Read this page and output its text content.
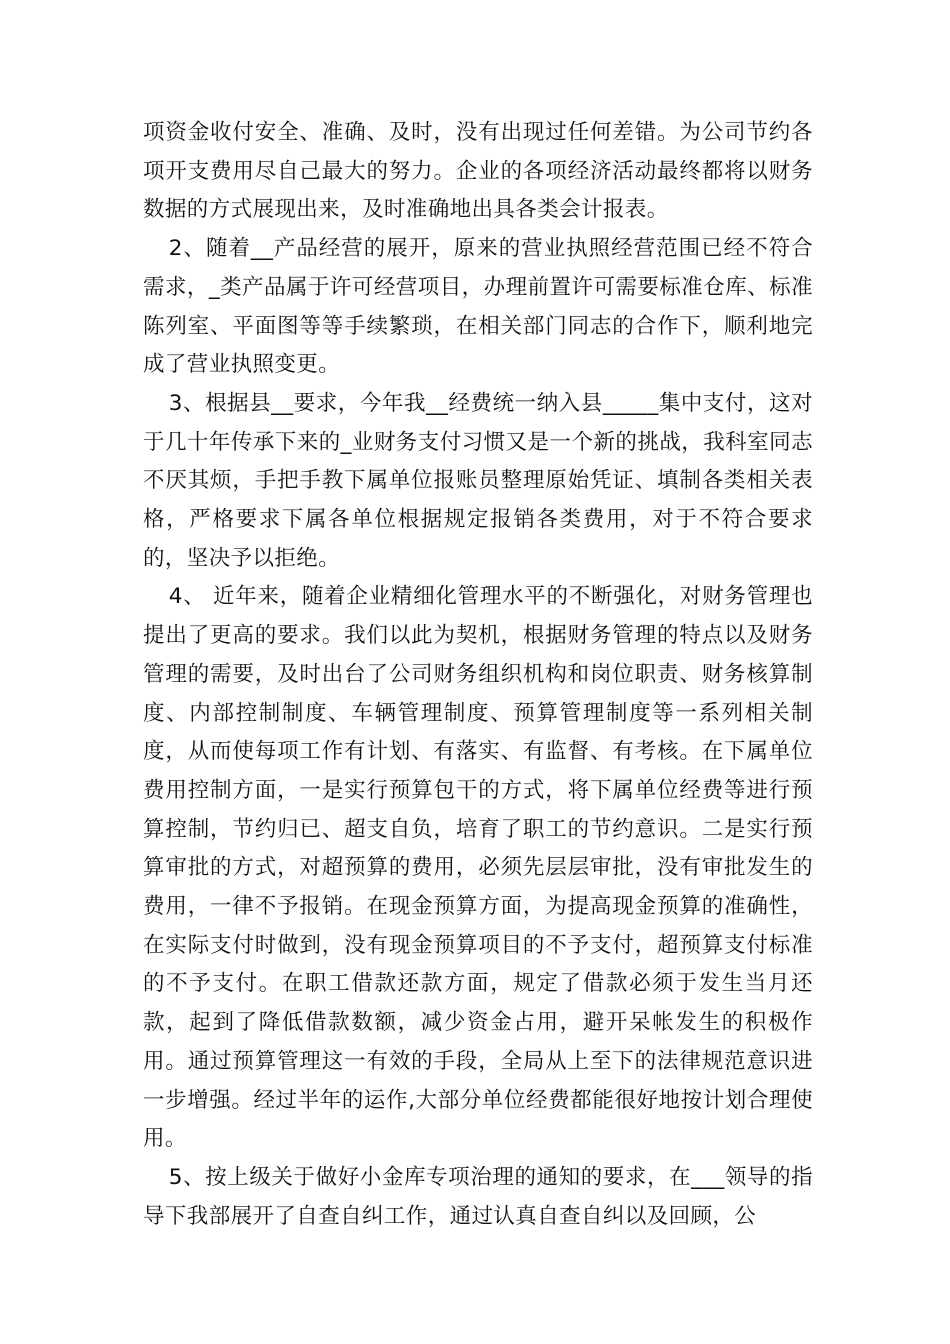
项资金收付安全、准确、及时，没有出现过任何差错。为公司节约各项开支费用尽自己最大的努力。企业的各项经济活动最终都将以财务数据的方式展现出来，及时准确地出具各类会计报表。

2、随着__产品经营的展开，原来的营业执照经营范围已经不符合需求，_类产品属于许可经营项目，办理前置许可需要标准仓库、标准陈列室、平面图等等手续繁琐，在相关部门同志的合作下，顺利地完成了营业执照变更。

3、根据县__要求，今年我__经费统一纳入县_____集中支付，这对于几十年传承下来的_业财务支付习惯又是一个新的挑战，我科室同志不厌其烦，手把手教下属单位报账员整理原始凭证、填制各类相关表格，严格要求下属各单位根据规定报销各类费用，对于不符合要求的，坚决予以拒绝。

4、 近年来，随着企业精细化管理水平的不断强化，对财务管理也提出了更高的要求。我们以此为契机，根据财务管理的特点以及财务管理的需要，及时出台了公司财务组织机构和岗位职责、财务核算制度、内部控制制度、车辆管理制度、预算管理制度等一系列相关制度，从而使每项工作有计划、有落实、有监督、有考核。在下属单位费用控制方面，一是实行预算包干的方式，将下属单位经费等进行预算控制，节约归已、超支自负，培育了职工的节约意识。二是实行预算审批的方式，对超预算的费用，必须先层层审批，没有审批发生的费用，一律不予报销。在现金预算方面，为提高现金预算的准确性，在实际支付时做到，没有现金预算项目的不予支付，超预算支付标准的不予支付。在职工借款还款方面，规定了借款必须于发生当月还款，起到了降低借款数额，减少资金占用，避开呆帐发生的积极作用。通过预算管理这一有效的手段，全局从上至下的法律规范意识进一步增强。经过半年的运作,大部分单位经费都能很好地按计划合理使用。

5、按上级关于做好小金库专项治理的通知的要求，在___领导的指导下我部展开了自查自纠工作，通过认真自查自纠以及回顾，公
